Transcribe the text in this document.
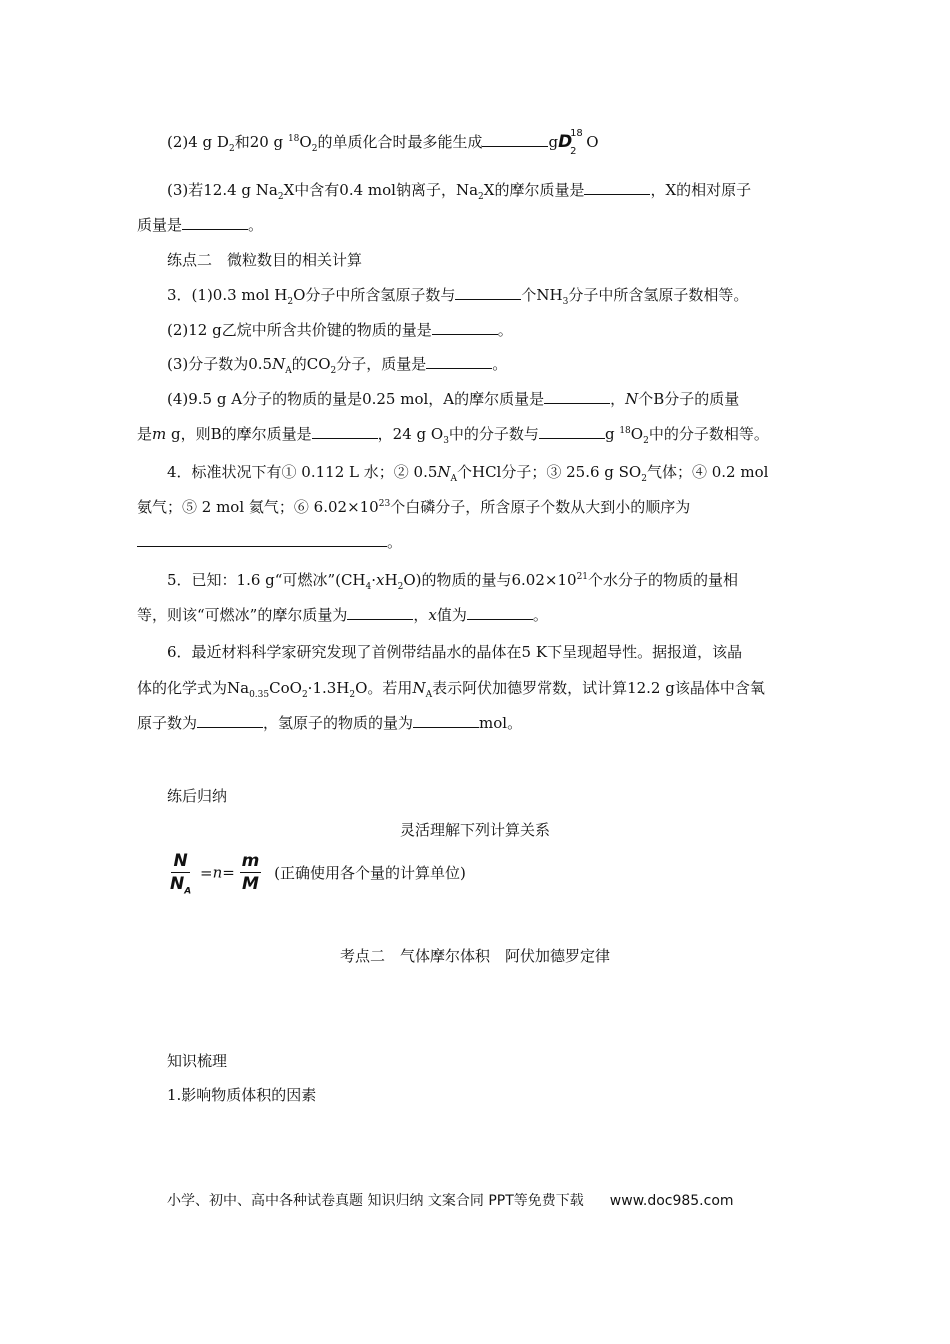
(2)4 g $D_2$和20 g $^{18}O_2$的单质化合时最多能生成	gD
18
2
O
(3)若12.4 g $Na_2X$中含有0.4 mol钠离子，$Na_2X$的摩尔质量是	，X的相对原子
质量是	。
练点二　微粒数目的相关计算
3．(1)0.3 mol $H_2O$分子中所含氢原子数与	个$NH_3$分子中所含氢原子数相等。
(2)12 g乙烷中所含共价键的物质的量是	。
(3)分子数为$0.5N_A$的$CO_2$分子，质量是	。
(4)9.5 g A分子的物质的量是0.25 mol，A的摩尔质量是	，N个B分子的质量
是m g，则B的摩尔质量是	，24 g $O_3$中的分子数与	g $^{18}O_2$中的分子数相等。
4．标准状况下有① 0.112 L 水；② $0.5N_A$个HCl分子；③ 25.6 g $SO_2$气体；④ 0.2 mol
氨气；⑤ 2 mol 氦气；⑥ $6.02\times 10^{23}$个白磷分子，所含原子个数从大到小的顺序为
。
5．已知：1.6 g“可燃冰$”(CH_4\cdot xH_2O)$的物质的量与$6.02\times 10^{21}$个水分子的物质的量相
等，则该“可燃冰”的摩尔质量为	，x值为	。
6．最近材料科学家研究发现了首例带结晶水的晶体在5 K下呈现超导性。据报道，该晶
体的化学式为$Na_{0.35}CoO_2\cdot 1.3H_2O$。若用$N_A$表示阿伏加德罗常数，试计算12.2 g该晶体中含氧
原子数为	，氢原子的物质的量为	mol。
练后归纳
灵活理解下列计算关系
$\frac{N}{N_A} =n= \frac{m}{M}$ (正确使用各个量的计算单位)
考点二　气体摩尔体积　阿伏加德罗定律
知识梳理
1.影响物质体积的因素
小学、初中、高中各种试卷真题 知识归纳 文案合同 PPT等免费下载 www.doc985.com
